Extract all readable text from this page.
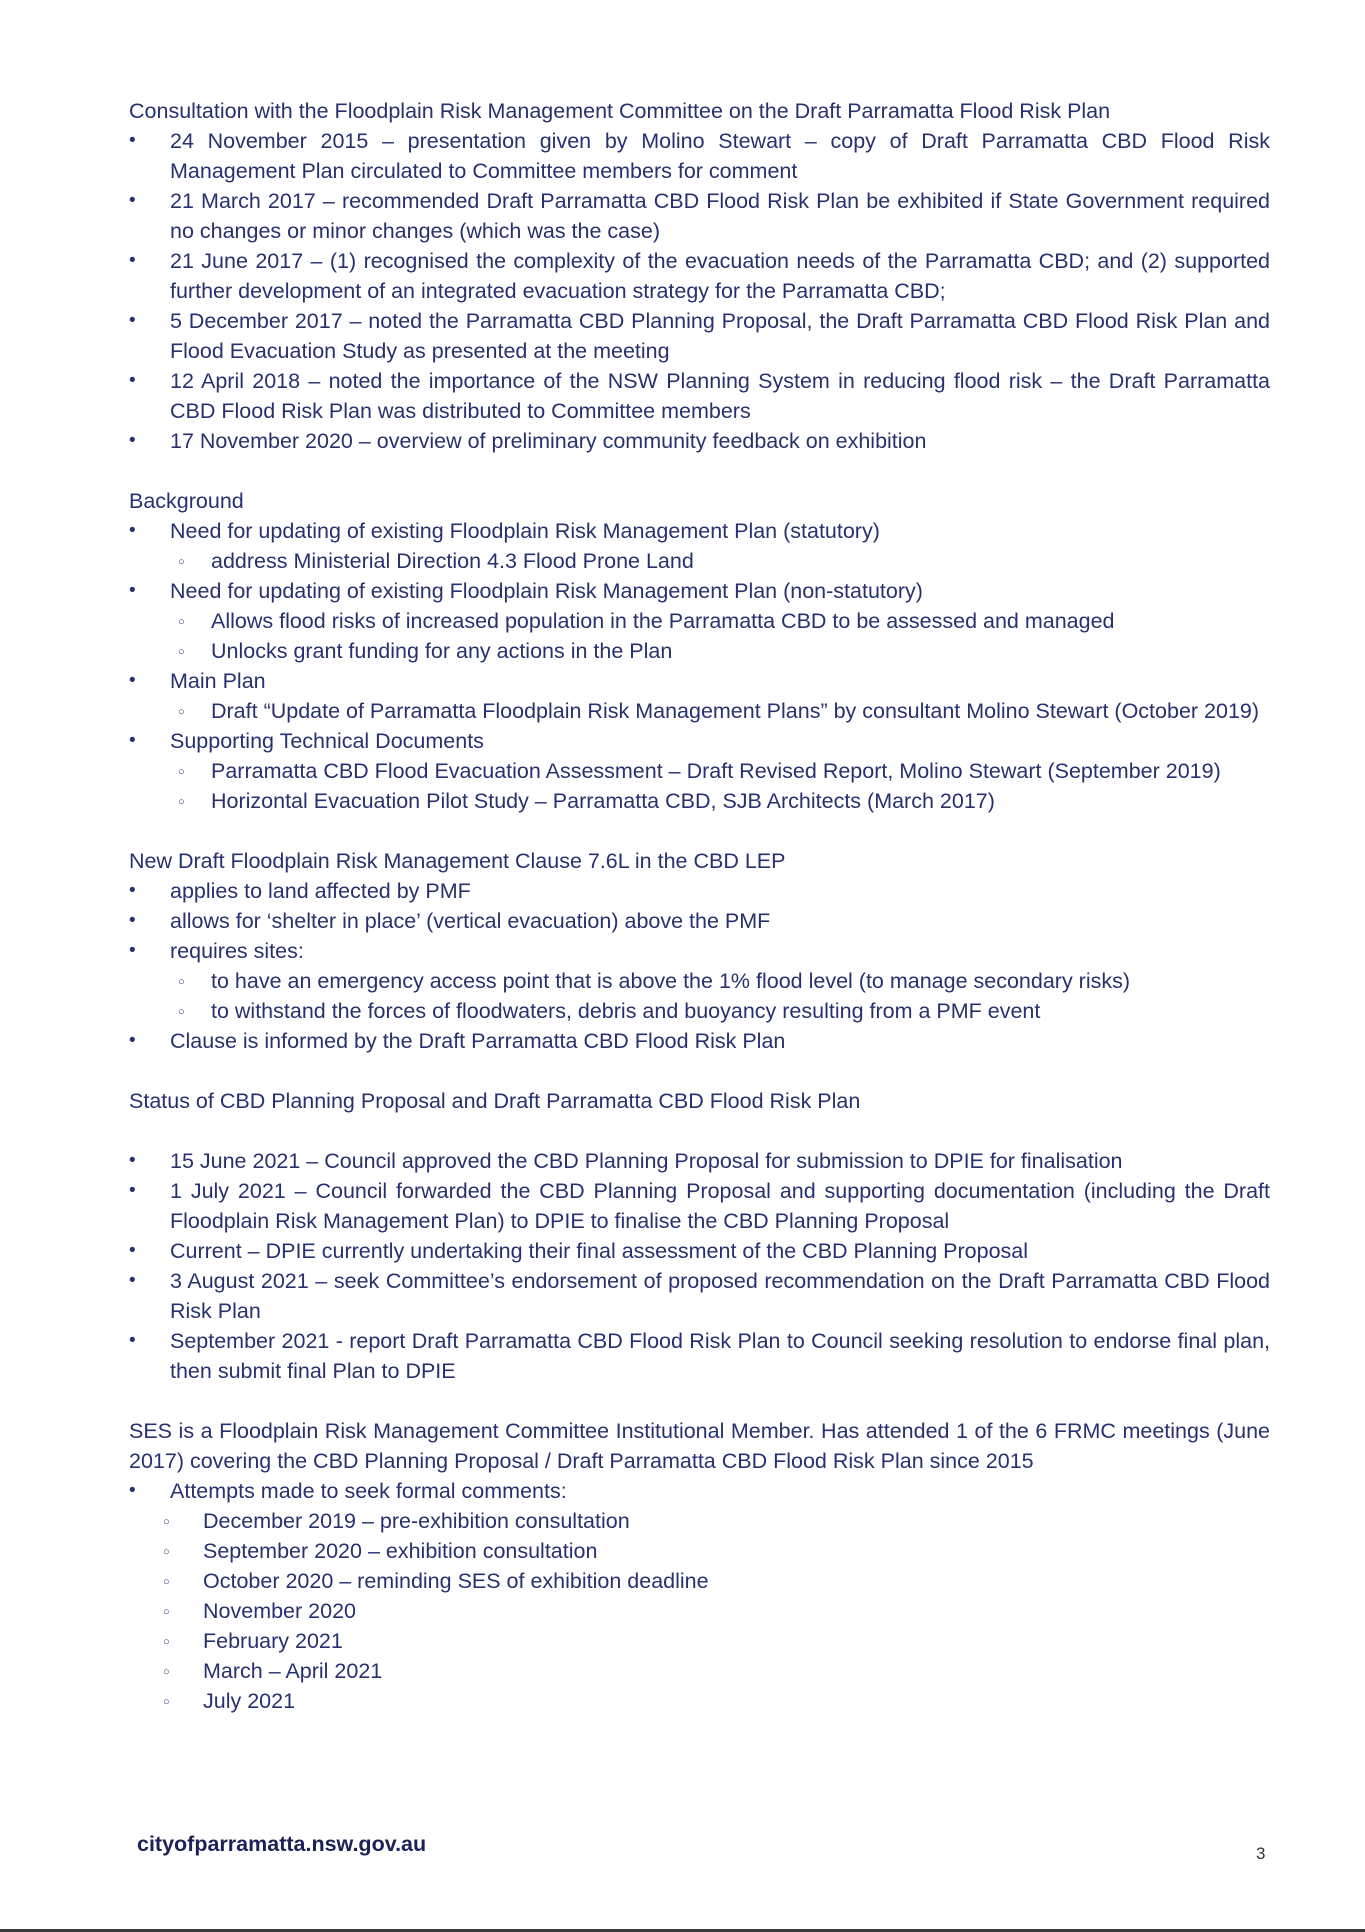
Consultation with the Floodplain Risk Management Committee on the Draft Parramatta Flood Risk Plan

• 24 November 2015 – presentation given by Molino Stewart – copy of Draft Parramatta CBD Flood Risk Management Plan circulated to Committee members for comment
• 21 March 2017 – recommended Draft Parramatta CBD Flood Risk Plan be exhibited if State Government required no changes or minor changes (which was the case)
• 21 June 2017 – (1) recognised the complexity of the evacuation needs of the Parramatta CBD; and (2) supported further development of an integrated evacuation strategy for the Parramatta CBD;
• 5 December 2017 – noted the Parramatta CBD Planning Proposal, the Draft Parramatta CBD Flood Risk Plan and Flood Evacuation Study as presented at the meeting
• 12 April 2018 – noted the importance of the NSW Planning System in reducing flood risk – the Draft Parramatta CBD Flood Risk Plan was distributed to Committee members
• 17 November 2020 – overview of preliminary community feedback on exhibition

Background

• Need for updating of existing Floodplain Risk Management Plan (statutory)
○ address Ministerial Direction 4.3 Flood Prone Land
• Need for updating of existing Floodplain Risk Management Plan (non-statutory)
○ Allows flood risks of increased population in the Parramatta CBD to be assessed and managed
○ Unlocks grant funding for any actions in the Plan
• Main Plan
○ Draft “Update of Parramatta Floodplain Risk Management Plans” by consultant Molino Stewart (October 2019)
• Supporting Technical Documents
○ Parramatta CBD Flood Evacuation Assessment – Draft Revised Report, Molino Stewart (September 2019)
○ Horizontal Evacuation Pilot Study – Parramatta CBD, SJB Architects (March 2017)

New Draft Floodplain Risk Management Clause 7.6L in the CBD LEP

• applies to land affected by PMF
• allows for ‘shelter in place’ (vertical evacuation) above the PMF
• requires sites:
○ to have an emergency access point that is above the 1% flood level (to manage secondary risks)
○ to withstand the forces of floodwaters, debris and buoyancy resulting from a PMF event
• Clause is informed by the Draft Parramatta CBD Flood Risk Plan

Status of CBD Planning Proposal and Draft Parramatta CBD Flood Risk Plan

• 15 June 2021 – Council approved the CBD Planning Proposal for submission to DPIE for finalisation
• 1 July 2021 – Council forwarded the CBD Planning Proposal and supporting documentation (including the Draft Floodplain Risk Management Plan) to DPIE to finalise the CBD Planning Proposal
• Current – DPIE currently undertaking their final assessment of the CBD Planning Proposal
• 3 August 2021 – seek Committee’s endorsement of proposed recommendation on the Draft Parramatta CBD Flood Risk Plan
• September 2021 - report Draft Parramatta CBD Flood Risk Plan to Council seeking resolution to endorse final plan, then submit final Plan to DPIE

SES is a Floodplain Risk Management Committee Institutional Member. Has attended 1 of the 6 FRMC meetings (June 2017) covering the CBD Planning Proposal / Draft Parramatta CBD Flood Risk Plan since 2015

• Attempts made to seek formal comments:
○ December 2019 – pre-exhibition consultation
○ September 2020 – exhibition consultation
○ October 2020 – reminding SES of exhibition deadline
○ November 2020
○ February 2021
○ March – April 2021
○ July 2021
cityofparramatta.nsw.gov.au	3
